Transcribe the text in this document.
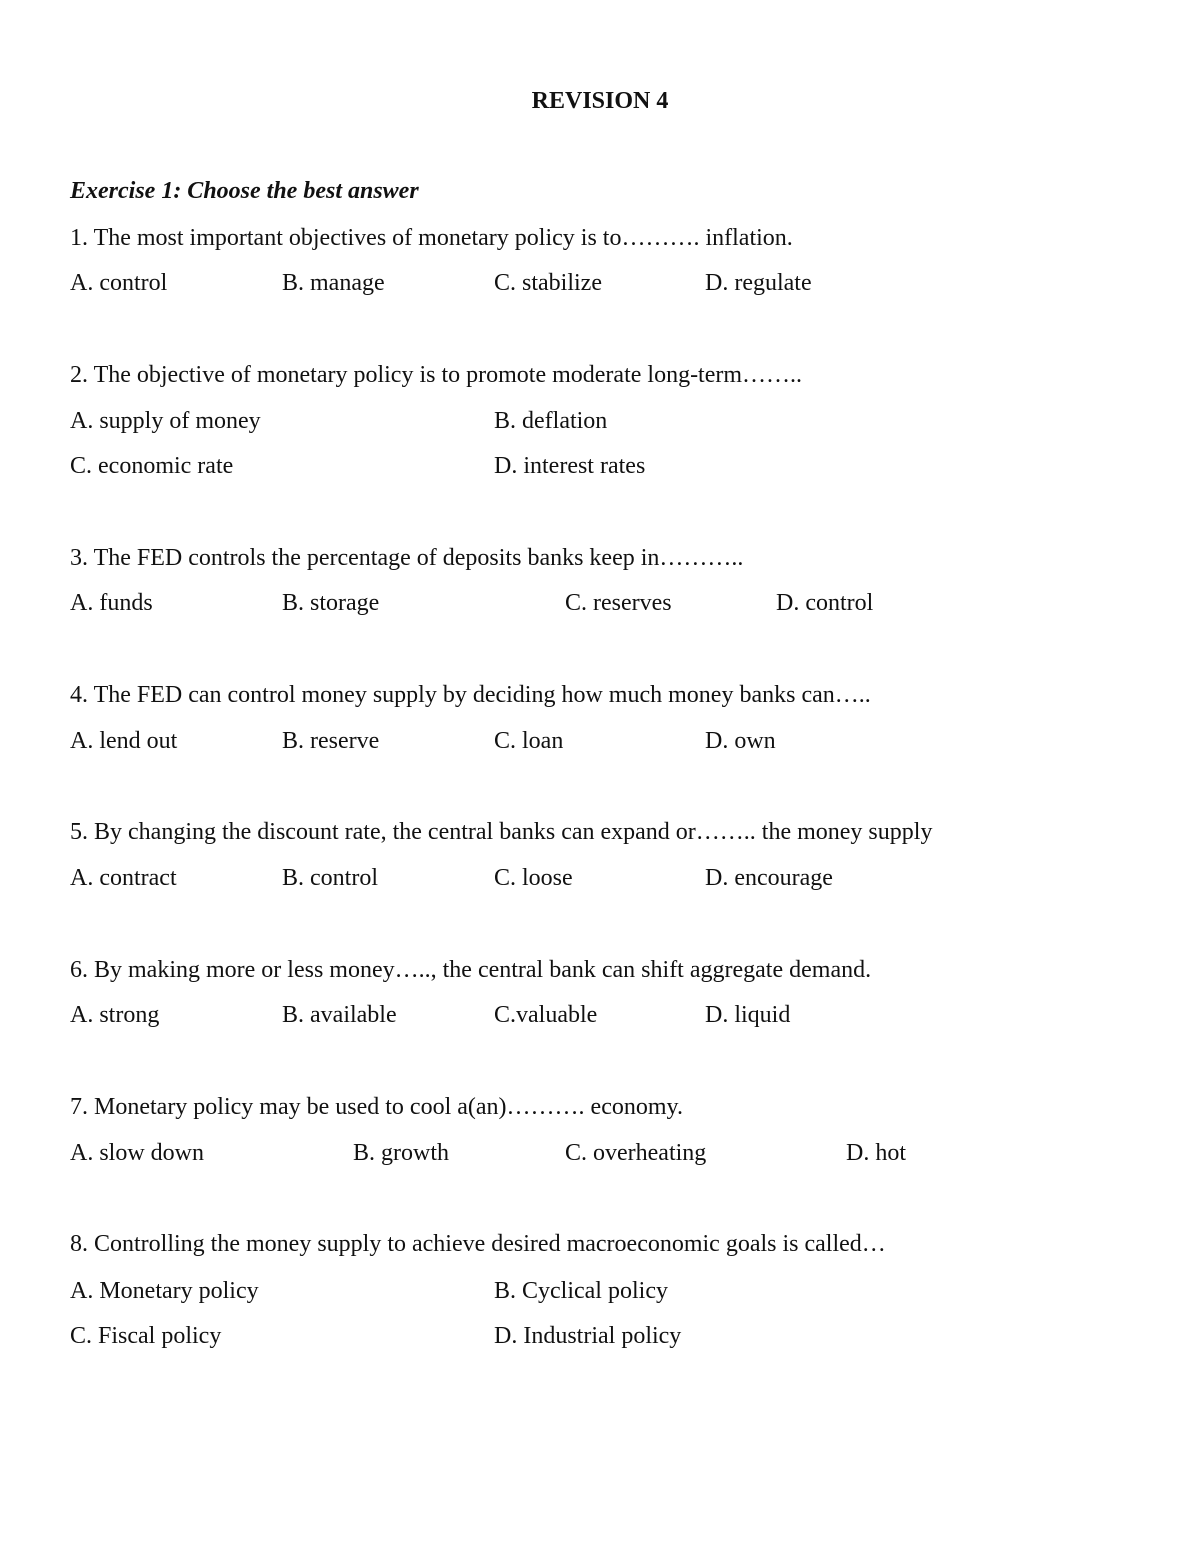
REVISION 4
Exercise 1: Choose the best answer
1. The most important objectives of monetary policy is to………. inflation.
A. control	B. manage	C. stabilize	D. regulate
2. The objective of monetary policy is to promote moderate long-term……..
A. supply of money	B. deflation
C. economic rate	D. interest rates
3. The FED controls the percentage of deposits banks keep in………..
A. funds	B. storage	C. reserves	D. control
4. The FED can control money supply by deciding how much money banks can…..
A. lend out	B. reserve	C. loan	D. own
5. By changing the discount rate, the central banks can expand or…….. the money supply
A. contract	B. control	C. loose	D. encourage
6. By making more or less money….., the central bank can shift aggregate demand.
A. strong	B. available	C.valuable	D. liquid
7. Monetary policy may be used to cool a(an)………. economy.
A. slow down	B. growth	C. overheating	D. hot
8. Controlling the money supply to achieve desired macroeconomic goals is called…
A. Monetary policy	B. Cyclical policy
C. Fiscal policy	D. Industrial policy
